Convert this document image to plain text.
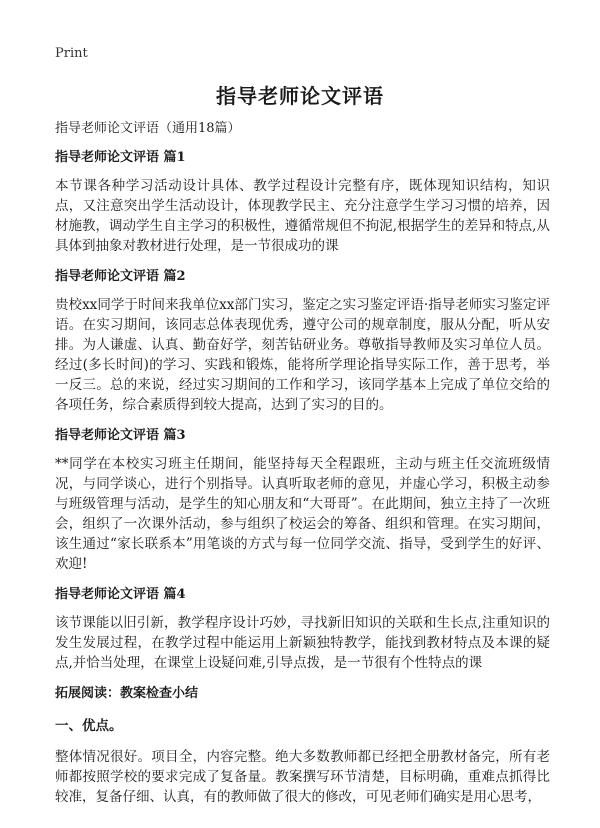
Print
指导老师论文评语
指导老师论文评语（通用18篇）
指导老师论文评语 篇1
本节课各种学习活动设计具体、教学过程设计完整有序，既体现知识结构，知识点，又注意突出学生活动设计，体现教学民主、充分注意学生学习习惯的培养，因材施教，调动学生自主学习的积极性，遵循常规但不拘泥,根据学生的差异和特点,从具体到抽象对教材进行处理，是一节很成功的课
指导老师论文评语 篇2
贵校xx同学于时间来我单位xx部门实习，鉴定之实习鉴定评语·指导老师实习鉴定评语。在实习期间，该同志总体表现优秀，遵守公司的规章制度，服从分配，听从安排。为人谦虚、认真、勤奋好学，刻苦钻研业务。尊敬指导教师及实习单位人员。经过(多长时间)的学习、实践和锻炼，能将所学理论指导实际工作，善于思考，举一反三。总的来说，经过实习期间的工作和学习，该同学基本上完成了单位交给的各项任务，综合素质得到较大提高，达到了实习的目的。
指导老师论文评语 篇3
**同学在本校实习班主任期间，能坚持每天全程跟班，主动与班主任交流班级情况，与同学谈心，进行个别指导。认真听取老师的意见，并虚心学习，积极主动参与班级管理与活动，是学生的知心朋友和“大哥哥”。在此期间，独立主持了一次班会，组织了一次课外活动，参与组织了校运会的筹备、组织和管理。在实习期间，该生通过“家长联系本”用笔谈的方式与每一位同学交流、指导，受到学生的好评、欢迎!
指导老师论文评语 篇4
该节课能以旧引新，教学程序设计巧妙，寻找新旧知识的关联和生长点,注重知识的发生发展过程，在教学过程中能运用上新颖独特教学，能找到教材特点及本课的疑点,并恰当处理，在课堂上设疑问难,引导点拨，是一节很有个性特点的课
拓展阅读：教案检查小结
一、优点。
整体情况很好。项目全，内容完整。绝大多数教师都已经把全册教材备完，所有老师都按照学校的要求完成了复备量。教案撰写环节清楚，目标明确，重难点抓得比较准，复备仔细、认真，有的教师做了很大的修改，可见老师们确实是用心思考，
